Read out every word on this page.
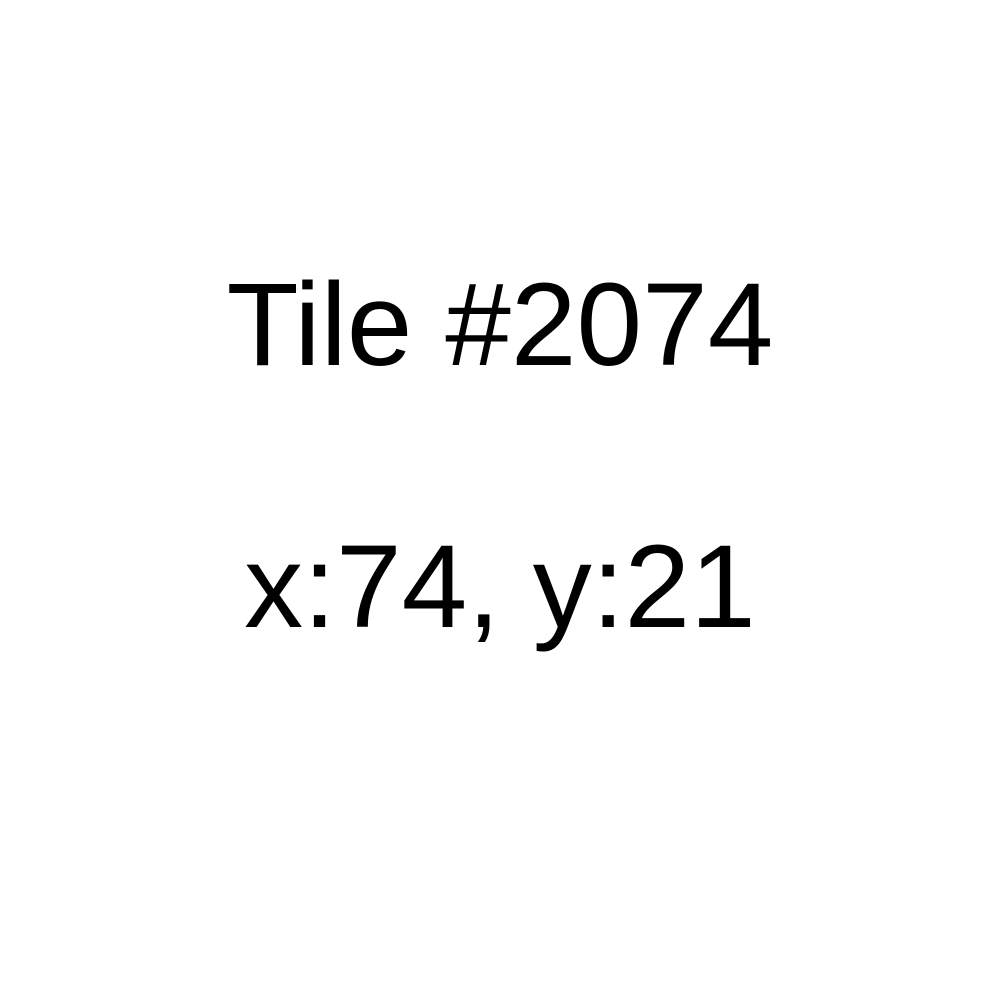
Tile #2074
x:74, y:21
